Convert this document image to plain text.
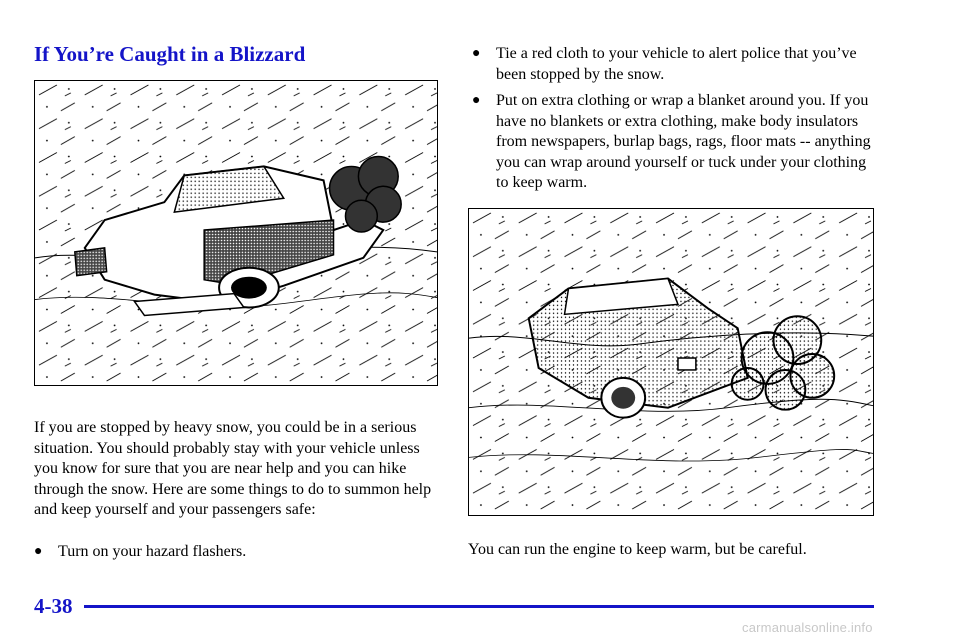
If You’re Caught in a Blizzard

If you are stopped by heavy snow, you could be in a serious situation. You should probably stay with your vehicle unless you know for sure that you are near help and you can hike through the snow. Here are some things to do to summon help and keep yourself and your passengers safe:

● Turn on your hazard flashers.
● Tie a red cloth to your vehicle to alert police that you’ve been stopped by the snow.
● Put on extra clothing or wrap a blanket around you. If you have no blankets or extra clothing, make body insulators from newspapers, burlap bags, rags, floor mats -- anything you can wrap around yourself or tuck under your clothing to keep warm.

You can run the engine to keep warm, but be careful.

4-38
carmanualsonline.info
